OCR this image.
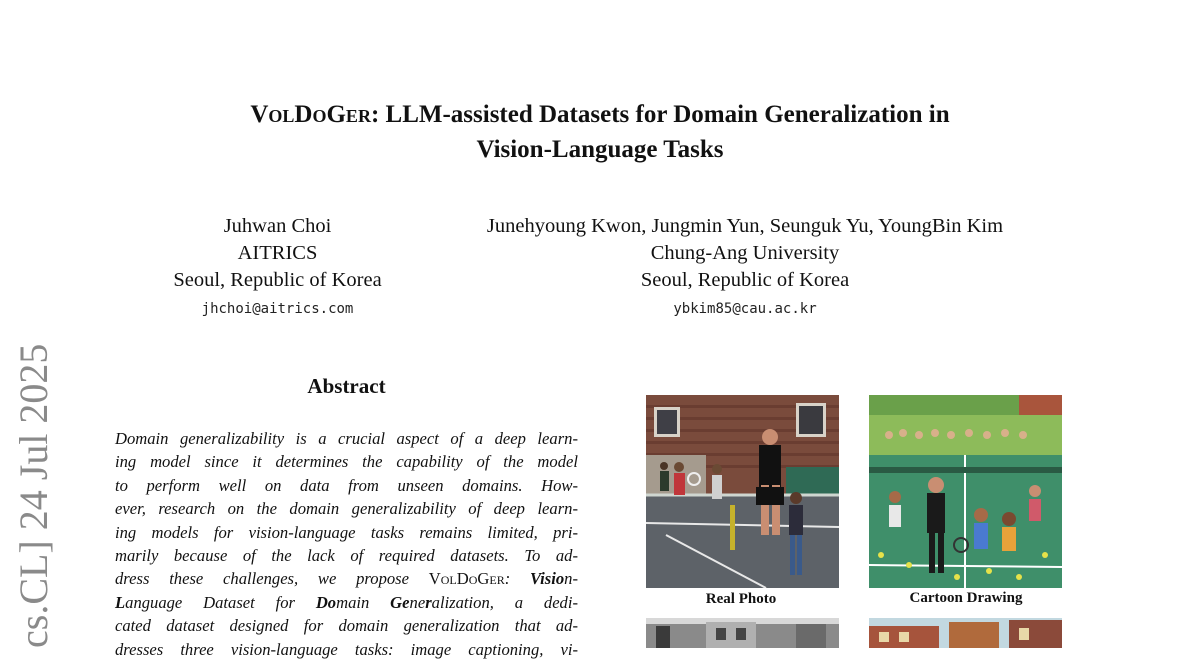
VolDoGer: LLM-assisted Datasets for Domain Generalization in
Vision-Language Tasks
Juhwan Choi
AITRICS
Seoul, Republic of Korea
jhchoi@aitrics.com
Junehyoung Kwon, Jungmin Yun, Seunguk Yu, YoungBin Kim
Chung-Ang University
Seoul, Republic of Korea
ybkim85@cau.ac.kr
cs.CL] 24 Jul 2025	Abstract
Domain generalizability is a crucial aspect of a deep learn-
ing model since it determines the capability of the model
to perform well on data from unseen domains. How-
ever, research on the domain generalizability of deep learn-
ing models for vision-language tasks remains limited, pri-
marily because of the lack of required datasets. To ad-
dress these challenges, we propose VolDoGer: Vision-
Language Dataset for Domain Generalization, a dedi-
cated dataset designed for domain generalization that ad-
dresses three vision-language tasks: image captioning, vi-
Real Photo	Cartoon Drawing
